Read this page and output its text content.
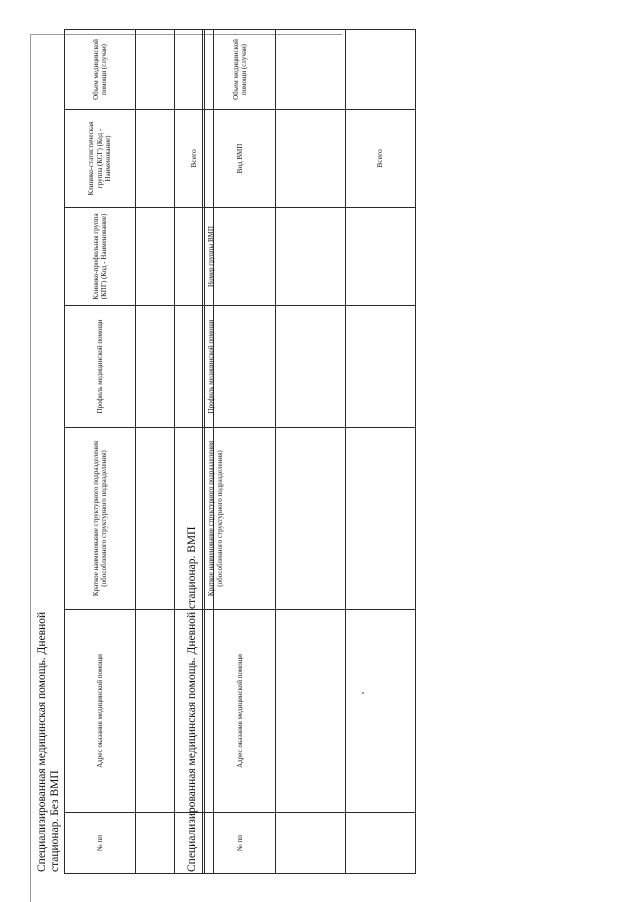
Специализированная медицинская помощь. Дневной стационар. Без ВМП	№ пп	Адрес оказания медицинской помощи	Краткое наименование структурного подразделения (обособленного структурного подразделения)	Профиль медицинской помощи	Клинико-профильная группа (КПГ) (Код - Наименование)	Клинико-статистическая группа (КСГ) (Код - Наименование)	Объем медицинской помощи (случаи)

					Всего	
Специализированная медицинская помощь. Дневной стационар. ВМП	№ пп	Адрес оказания медицинской помощи	Краткое наименование структурного подразделения (обособленного структурного подразделения)	Профиль медицинской помощи	Номер группы ВМП	Вид ВМП	Объем медицинской помощи (случаи)

					Всего	
